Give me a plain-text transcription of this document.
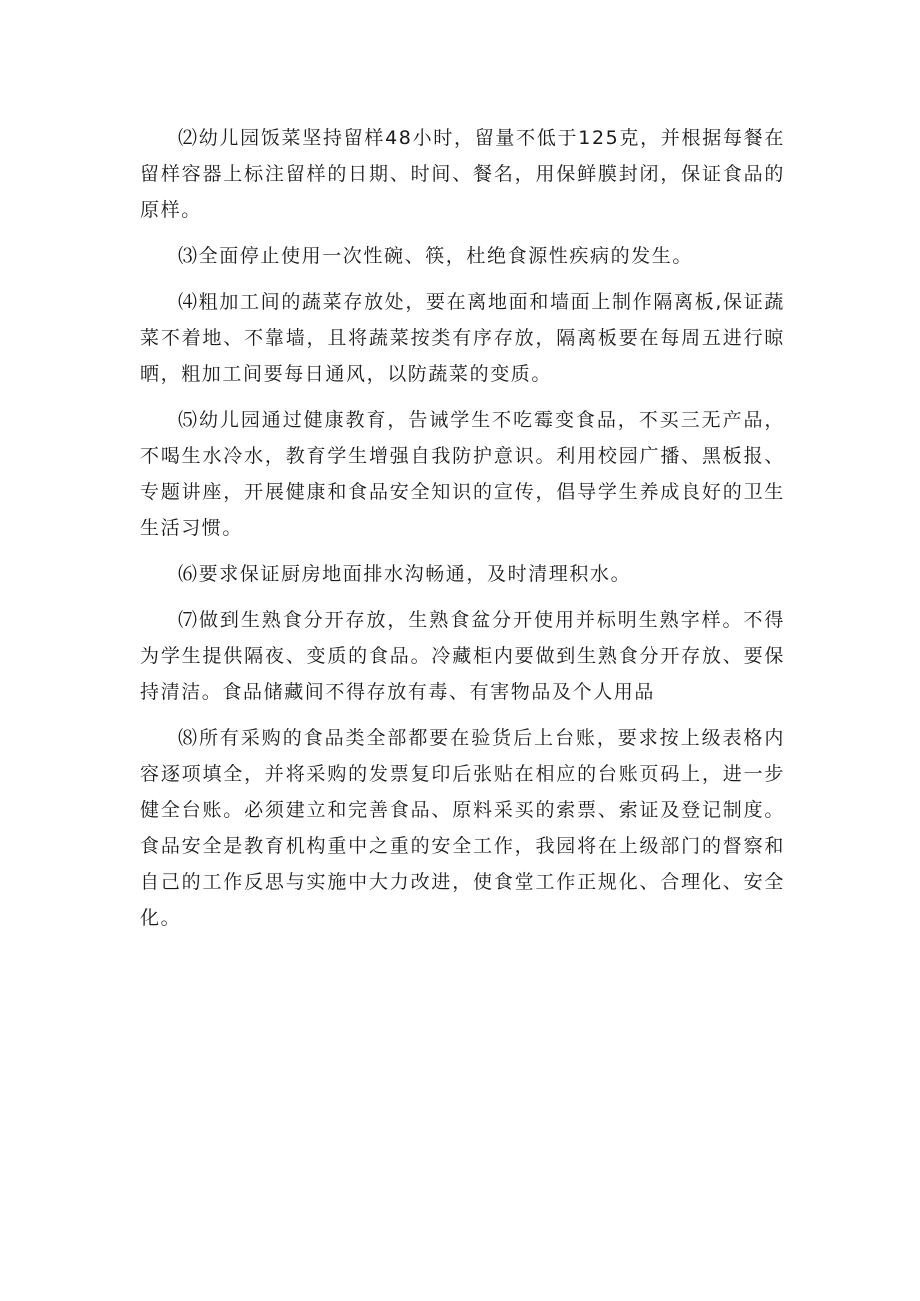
⑵幼儿园饭菜坚持留样48小时，留量不低于125克，并根据每餐在留样容器上标注留样的日期、时间、餐名，用保鲜膜封闭，保证食品的原样。

⑶全面停止使用一次性碗、筷，杜绝食源性疾病的发生。

⑷粗加工间的蔬菜存放处，要在离地面和墙面上制作隔离板,保证蔬菜不着地、不靠墙，且将蔬菜按类有序存放，隔离板要在每周五进行晾晒，粗加工间要每日通风，以防蔬菜的变质。

⑸幼儿园通过健康教育，告诫学生不吃霉变食品，不买三无产品，不喝生水冷水，教育学生增强自我防护意识。利用校园广播、黑板报、专题讲座，开展健康和食品安全知识的宣传，倡导学生养成良好的卫生生活习惯。

⑹要求保证厨房地面排水沟畅通，及时清理积水。

⑺做到生熟食分开存放，生熟食盆分开使用并标明生熟字样。不得为学生提供隔夜、变质的食品。冷藏柜内要做到生熟食分开存放、要保持清洁。食品储藏间不得存放有毒、有害物品及个人用品

⑻所有采购的食品类全部都要在验货后上台账，要求按上级表格内容逐项填全，并将采购的发票复印后张贴在相应的台账页码上，进一步健全台账。必须建立和完善食品、原料采买的索票、索证及登记制度。食品安全是教育机构重中之重的安全工作，我园将在上级部门的督察和自己的工作反思与实施中大力改进，使食堂工作正规化、合理化、安全化。
